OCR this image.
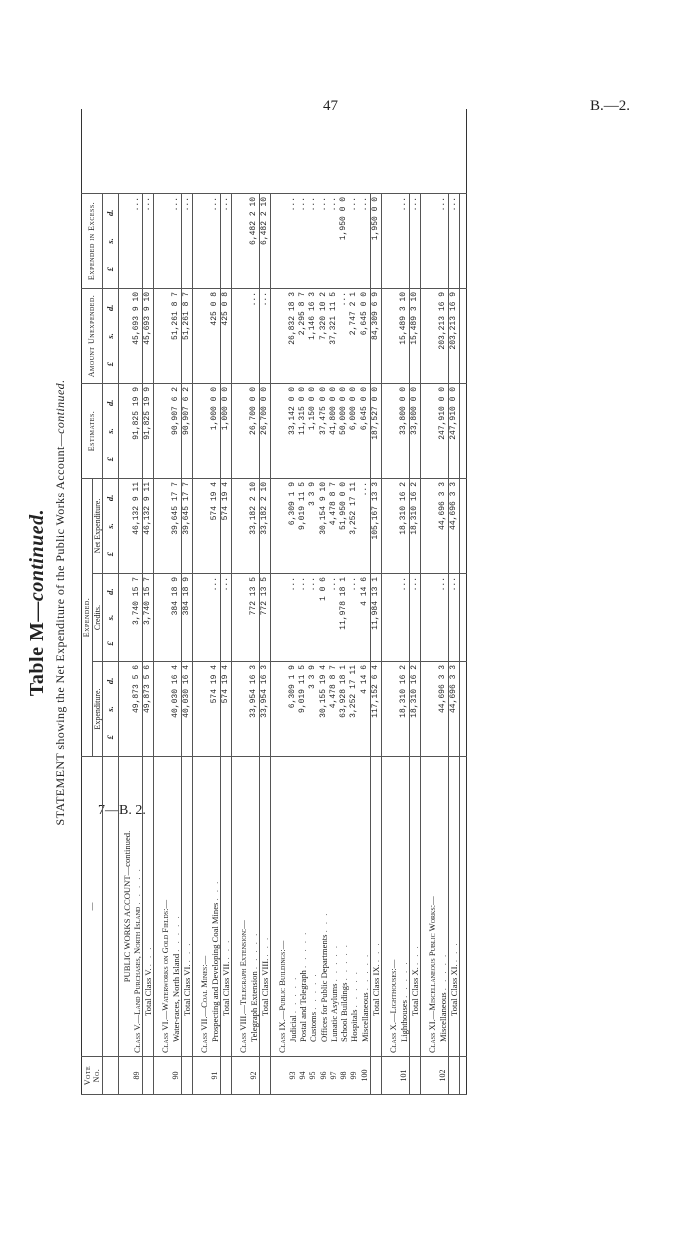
47	B.—2.
7—B. 2.
Table M—continued. STATEMENT showing the Net Expenditure of the Public Works Account—continued.
Vote No.	—	Expended.			Estimates.	Amount Unexpended.	Expended in Excess.
		Expenditure.	Credits.	Net Expenditure.			
		£s.d.	£s.d.	£s.d.	£s.d.	£s.d.	£s.d.
	PUBLIC WORKS ACCOUNT—continued.						
89	Class V.—Land Purchases, North Island . . . . .	49,873 5 6	3,740 15 7	46,132 9 11	91,825 19 9	45,693 9 10	...
	Total Class V. . . .	49,873 5 6	3,740 15 7	46,132 9 11	91,825 19 9	45,693 9 10	...

	Class VI.—Waterworks on Gold Fields:—						
90	Water-races, North Island . . . . .	40,030 16 4	384 18 9	39,645 17 7	90,907 6 2	51,261 8 7	...
	Total Class VI. . . .	40,030 16 4	384 18 9	39,645 17 7	90,907 6 2	51,261 8 7	...

	Class VII.—Coal Mines:—						
91	Prospecting and Developing Coal Mines . . .	574 19 4	...	574 19 4	1,000 0 0	425 0 8	...
	Total Class VII. . . .	574 19 4	...	574 19 4	1,000 0 0	425 0 8	...

	Class VIII.—Telegraph Extension:—						
92	Telegraph Extension . . . . .	33,954 16 3	772 13 5	33,182 2 10	26,700 0 0	...	6,482 2 10
	Total Class VIII. . . .	33,954 16 3	772 13 5	33,182 2 10	26,700 0 0	...	6,482 2 10

	Class IX.—Public Buildings:—						
93	Judicial . . . . .	6,309 1 9	...	6,309 1 9	33,142 0 0	26,832 18 3	...
94	Postal and Telegraph . . . . .	9,019 11 5	...	9,019 11 5	11,315 0 0	2,295 8 7	...
95	Customs . . . . .	3 3 9	...	3 3 9	1,150 0 0	1,146 16 3	...
96	Offices for Public Departments . . .	30,155 19 4	1 0 6	30,154 9 10	37,475 0 0	7,320 10 2	...
97	Lunatic Asylums . . . . .	4,478 8 7	...	4,478 8 7	41,800 0 0	37,321 11 5	...
98	School Buildings . . . . .	63,928 18 1	11,978 18 1	51,950 0 0	50,000 0 0	...	1,950 0 0
99	Hospitals . . . . .	3,252 17 11	...	3,252 17 11	6,000 0 0	2,747 2 1	...
100	Miscellaneous . . . . .	4 14 6	4 14 6	...	6,645 0 0	6,645 0 0	...
	Total Class IX. . . .	117,152 6 4	11,984 13 1	105,167 13 3	187,527 0 0	84,309 6 9	1,950 0 0

	Class X.—Lighthouses:—						
101	Lighthouses . . . . .	18,310 16 2	...	18,310 16 2	33,800 0 0	15,489 3 10	...
	Total Class X. . . .	18,310 16 2	...	18,310 16 2	33,800 0 0	15,489 3 10	...

	Class XI.—Miscellaneous Public Works:—						
102	Miscellaneous . . . . .	44,696 3 3	...	44,696 3 3	247,910 0 0	203,213 16 9	...
	Total Class XI. . . .	44,696 3 3	...	44,696 3 3	247,910 0 0	203,213 16 9	...
